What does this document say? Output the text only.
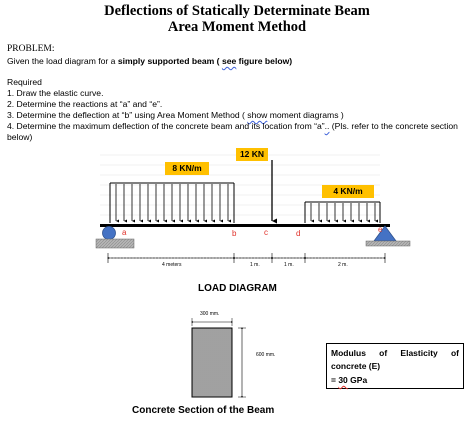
Deflections of Statically Determinate Beam
Area Moment Method
PROBLEM:
Given the load diagram for a simply supported beam ( see figure below)
Required
1. Draw the elastic curve.
2. Determine the reactions at “a” and “e”.
3. Determine the deflection at “b” using Area Moment Method ( show moment diagrams )
4. Determine the maximum deflection of the concrete beam and its location from “a”.. (Pls. refer to the concrete section
below)
8 KN/m
12 KN
4 KN/m
a	b	c	d	e
4 meters	1 m.	1 m.	2 m.
LOAD DIAGRAM
300 mm.
600 mm.	Modulus of Elasticity of
concrete (E)
= 30 GPa
Concrete Section of the Beam
